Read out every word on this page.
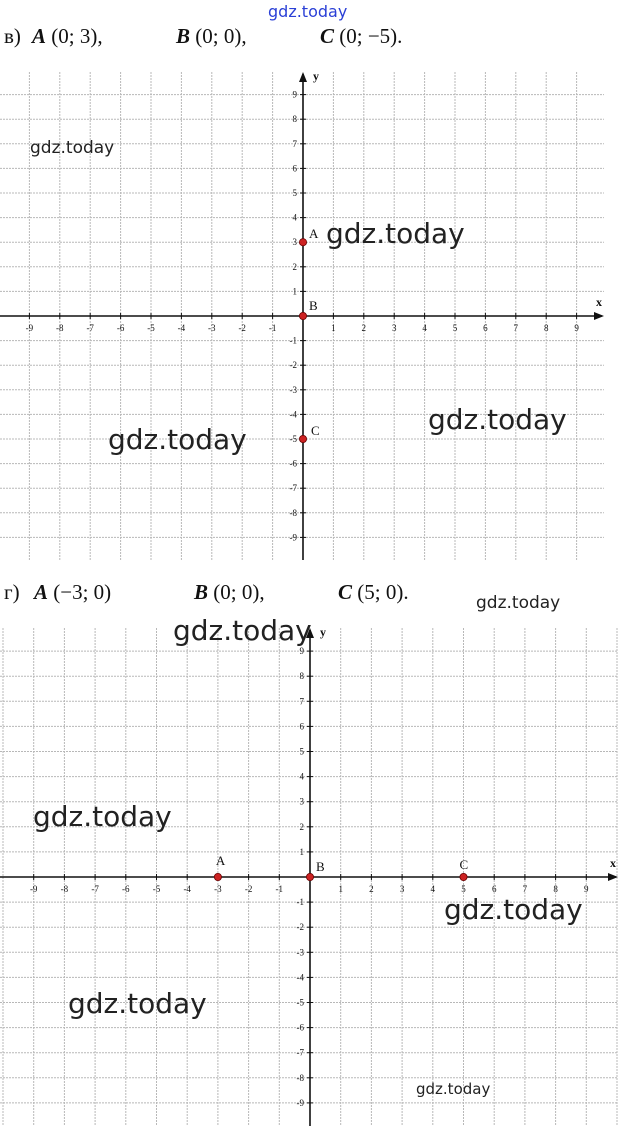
gdz.today
в) A (0; 3),	B (0; 0),	C (0; −5).
x
y
-9	-8	-7	-6	-5	-4	-3	-2	-1	1	2	3	4	5	6	7	8	9
-9
-8
-7
-6
-5
-4
-3
-2
-1
1
2
3
4
5
6
7
8
9
A
B
C
г) A (−3; 0)	B (0; 0),	C (5; 0).
x
y
-9	-8	-7	-6	-5	-4	-3	-2	-1	1	2	3	4	5	6	7	8	9
-9
-8
-7
-6
-5
-4
-3
-2
-1
1
2
3
4
5
6
7
8
9
A	B	C
gdz.today
gdz.today
gdz.today
gdz.today
gdz.today
gdz.today
gdz.today
gdz.today
gdz.today
gdz.today
